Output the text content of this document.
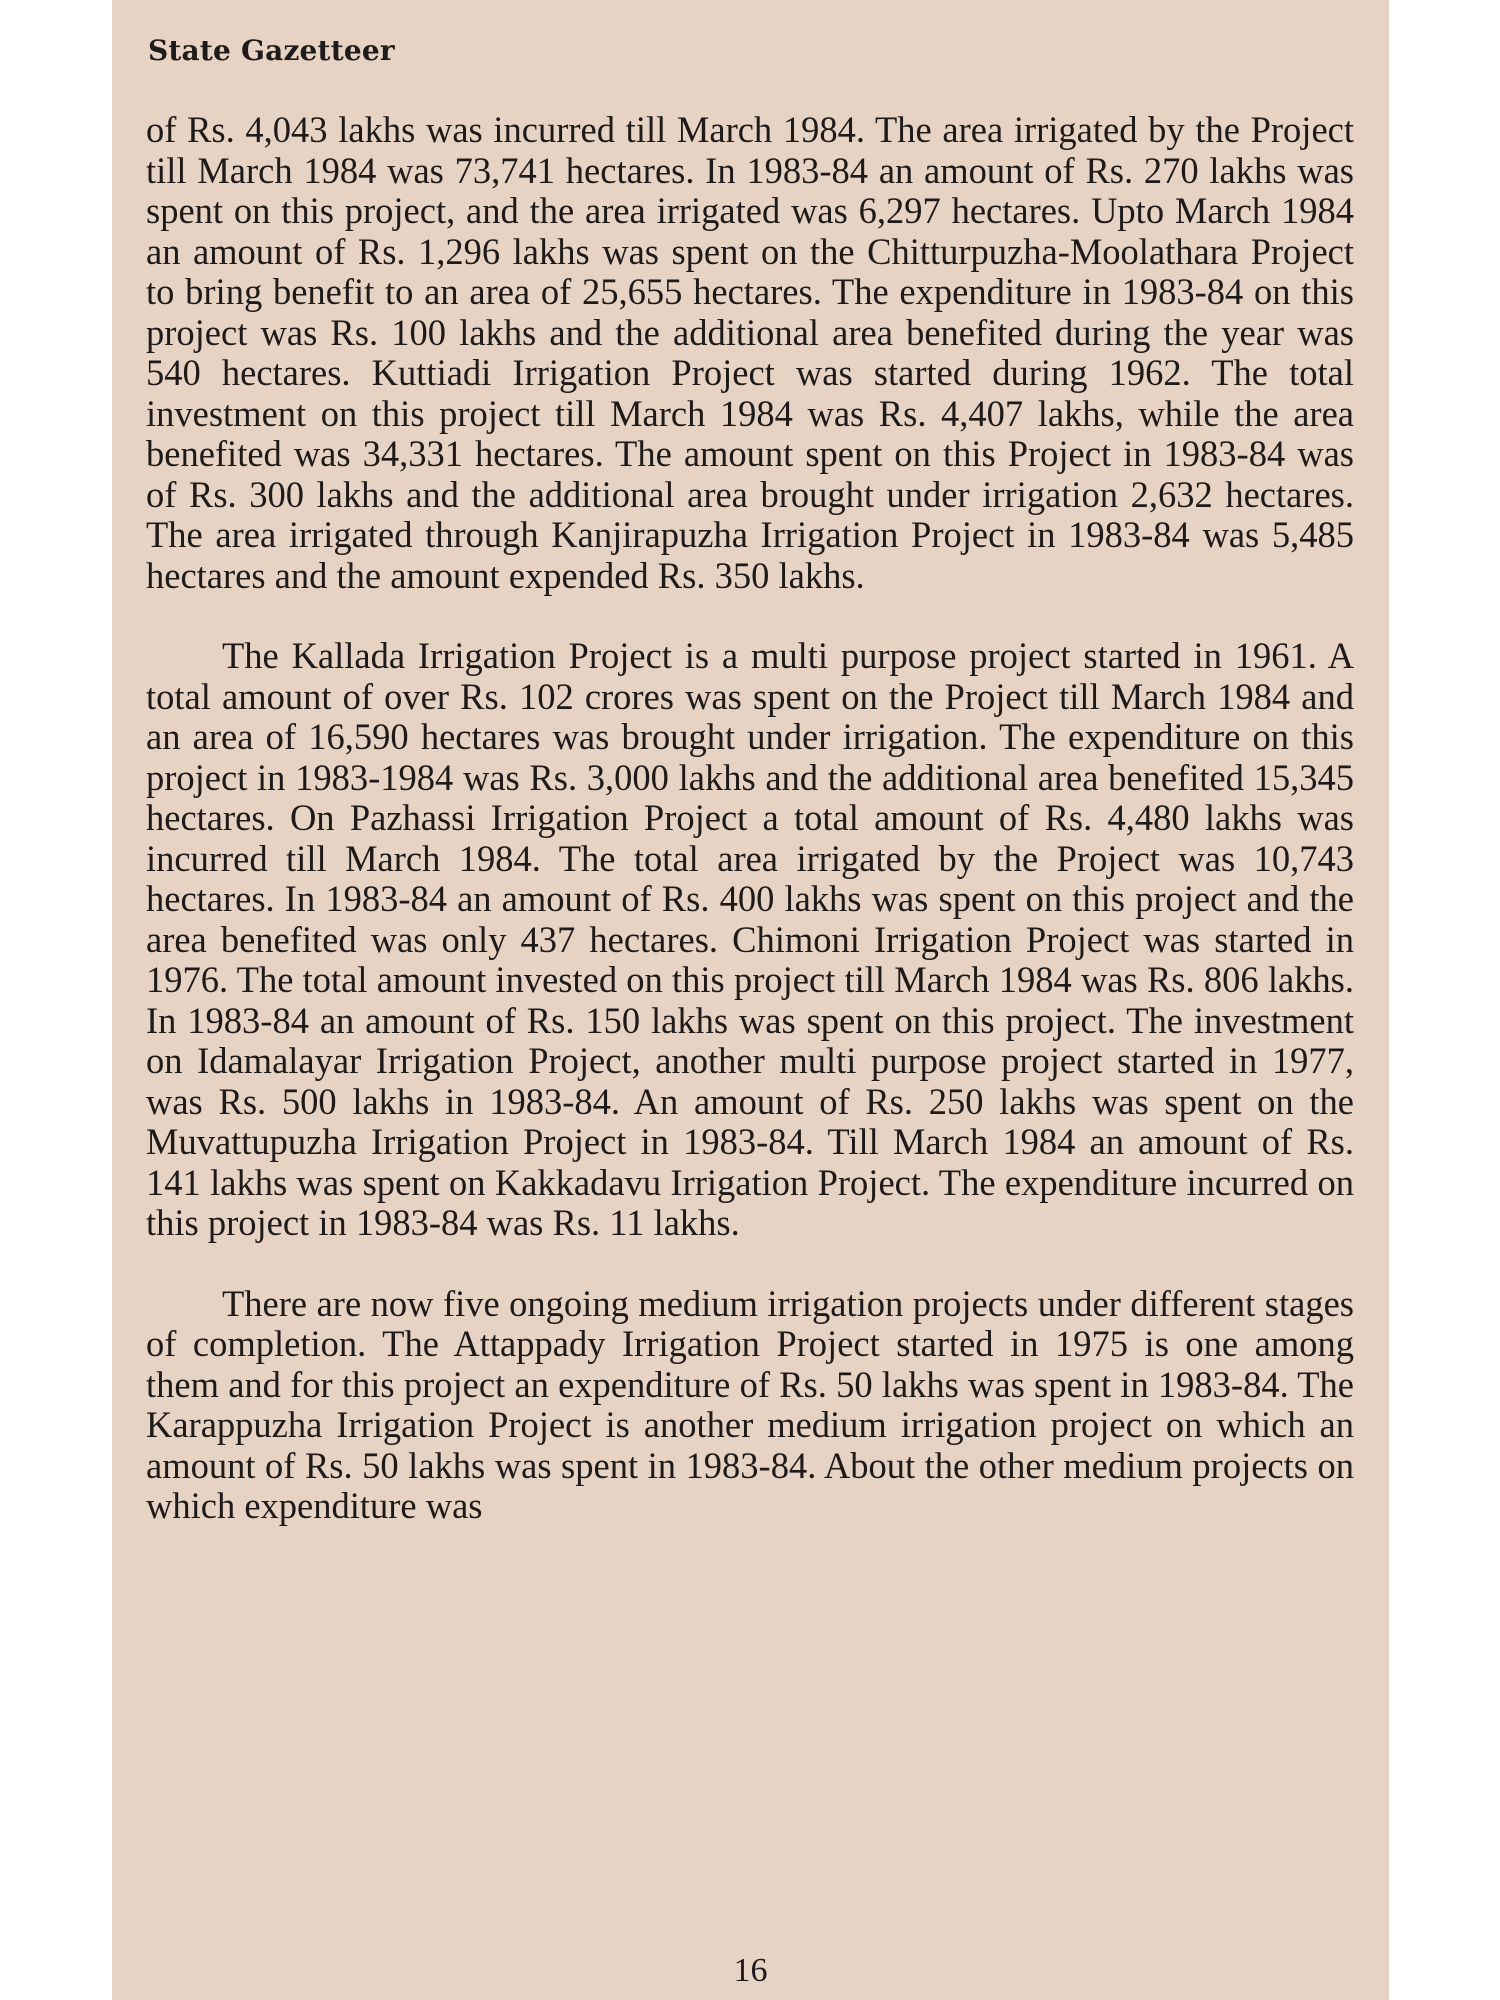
State Gazetteer

of Rs. 4,043 lakhs was incurred till March 1984. The area irrigated by the Project till March 1984 was 73,741 hectares. In 1983-84 an amount of Rs. 270 lakhs was spent on this project, and the area irrigated was 6,297 hectares. Upto March 1984 an amount of Rs. 1,296 lakhs was spent on the Chitturpuzha-Moolathara Project to bring benefit to an area of 25,655 hectares. The expenditure in 1983-84 on this project was Rs. 100 lakhs and the additional area benefited during the year was 540 hectares. Kuttiadi Irrigation Project was started during 1962. The total investment on this project till March 1984 was Rs. 4,407 lakhs, while the area benefited was 34,331 hectares. The amount spent on this Project in 1983-84 was of Rs. 300 lakhs and the additional area brought under irrigation 2,632 hectares. The area irrigated through Kanjirapuzha Irrigation Project in 1983-84 was 5,485 hectares and the amount expended Rs. 350 lakhs.

The Kallada Irrigation Project is a multi purpose project started in 1961. A total amount of over Rs. 102 crores was spent on the Project till March 1984 and an area of 16,590 hectares was brought under irrigation. The expenditure on this project in 1983-1984 was Rs. 3,000 lakhs and the additional area benefited 15,345 hectares. On Pazhassi Irrigation Project a total amount of Rs. 4,480 lakhs was incurred till March 1984. The total area irrigated by the Project was 10,743 hectares. In 1983-84 an amount of Rs. 400 lakhs was spent on this project and the area benefited was only 437 hectares. Chimoni Irrigation Project was started in 1976. The total amount invested on this project till March 1984 was Rs. 806 lakhs. In 1983-84 an amount of Rs. 150 lakhs was spent on this project. The investment on Idamalayar Irrigation Project, another multi purpose project started in 1977, was Rs. 500 lakhs in 1983-84. An amount of Rs. 250 lakhs was spent on the Muvattupuzha Irrigation Project in 1983-84. Till March 1984 an amount of Rs. 141 lakhs was spent on Kakkadavu Irrigation Project. The expenditure incurred on this project in 1983-84 was Rs. 11 lakhs.

There are now five ongoing medium irrigation projects under different stages of completion. The Attappady Irrigation Project started in 1975 is one among them and for this project an expenditure of Rs. 50 lakhs was spent in 1983-84. The Karappuzha Irrigation Project is another medium irrigation project on which an amount of Rs. 50 lakhs was spent in 1983-84. About the other medium projects on which expenditure was

16
